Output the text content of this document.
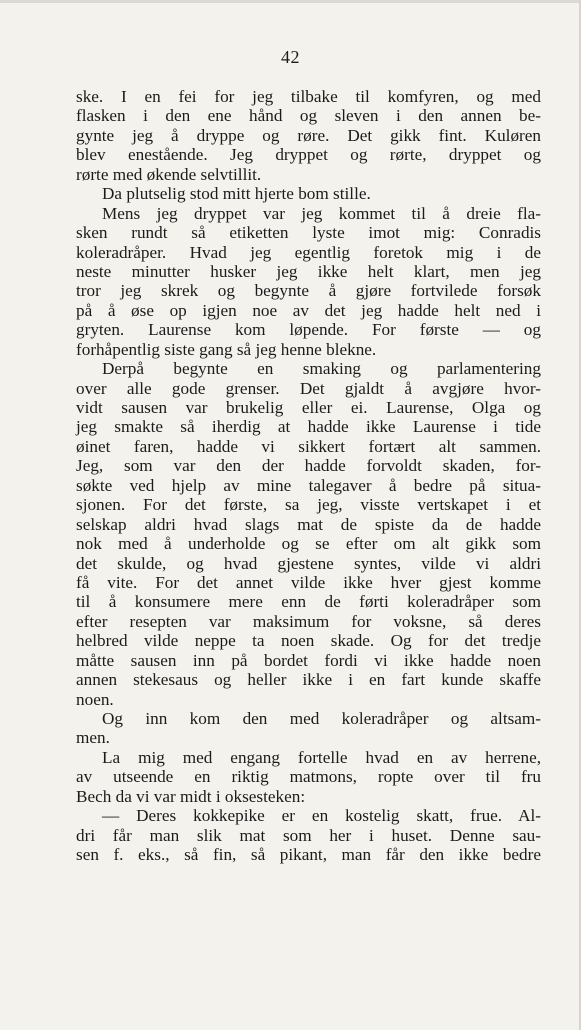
42
ske. I en fei for jeg tilbake til komfyren, og med
flasken i den ene hånd og sleven i den annen be-
gynte jeg å dryppe og røre. Det gikk fint. Kuløren
blev enestående. Jeg dryppet og rørte, dryppet og
rørte med økende selvtillit.
Da plutselig stod mitt hjerte bom stille.
Mens jeg dryppet var jeg kommet til å dreie fla-
sken rundt så etiketten lyste imot mig: Conradis
koleradråper. Hvad jeg egentlig foretok mig i de
neste minutter husker jeg ikke helt klart, men jeg
tror jeg skrek og begynte å gjøre fortvilede forsøk
på å øse op igjen noe av det jeg hadde helt ned i
gryten. Laurense kom løpende. For første — og
forhåpentlig siste gang så jeg henne blekne.
Derpå begynte en smaking og parlamentering
over alle gode grenser. Det gjaldt å avgjøre hvor-
vidt sausen var brukelig eller ei. Laurense, Olga og
jeg smakte så iherdig at hadde ikke Laurense i tide
øinet faren, hadde vi sikkert fortært alt sammen.
Jeg, som var den der hadde forvoldt skaden, for-
søkte ved hjelp av mine talegaver å bedre på situa-
sjonen. For det første, sa jeg, visste vertskapet i et
selskap aldri hvad slags mat de spiste da de hadde
nok med å underholde og se efter om alt gikk som
det skulde, og hvad gjestene syntes, vilde vi aldri
få vite. For det annet vilde ikke hver gjest komme
til å konsumere mere enn de førti koleradråper som
efter resepten var maksimum for voksne, så deres
helbred vilde neppe ta noen skade. Og for det tredje
måtte sausen inn på bordet fordi vi ikke hadde noen
annen stekesaus og heller ikke i en fart kunde skaffe
noen.
Og inn kom den med koleradråper og altsam-
men.
La mig med engang fortelle hvad en av herrene,
av utseende en riktig matmons, ropte over til fru
Bech da vi var midt i oksesteken:
— Deres kokkepike er en kostelig skatt, frue. Al-
dri får man slik mat som her i huset. Denne sau-
sen f. eks., så fin, så pikant, man får den ikke bedre
